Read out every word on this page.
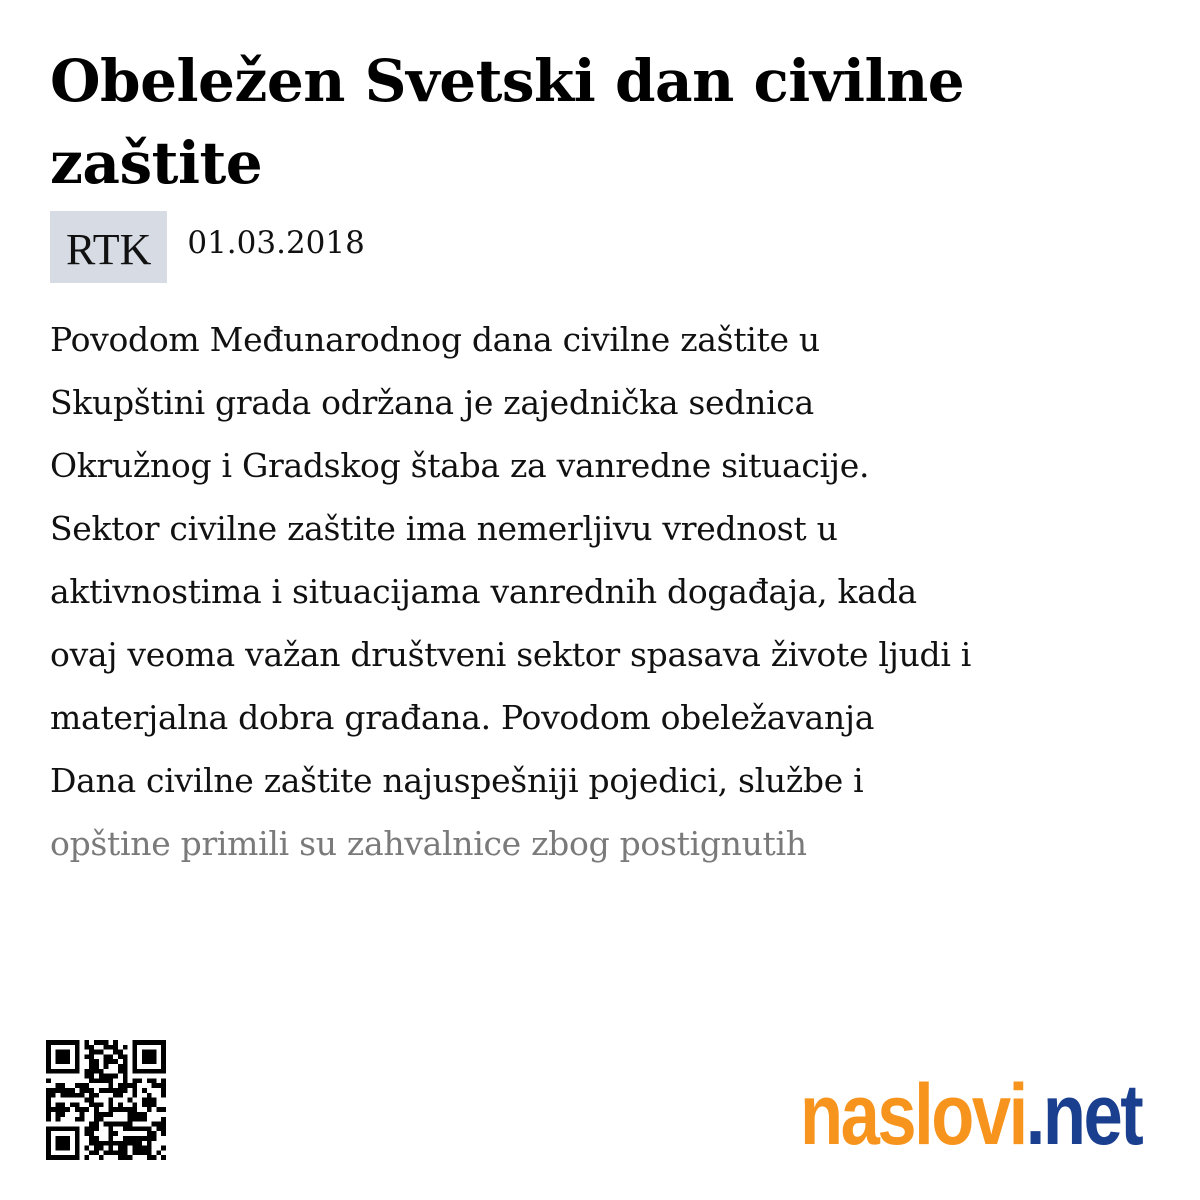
Obeležen Svetski dan civilne zaštite
RTK	01.03.2018

Povodom Međunarodnog dana civilne zaštite u
Skupštini grada održana je zajednička sednica
Okružnog i Gradskog štaba za vanredne situacije.
Sektor civilne zaštite ima nemerljivu vrednost u
aktivnostima i situacijama vanrednih događaja, kada
ovaj veoma važan društveni sektor spasava živote ljudi i
materjalna dobra građana. Povodom obeležavanja
Dana civilne zaštite najuspešniji pojedici, službe i
opštine primili su zahvalnice zbog postignutih

naslovi.net
